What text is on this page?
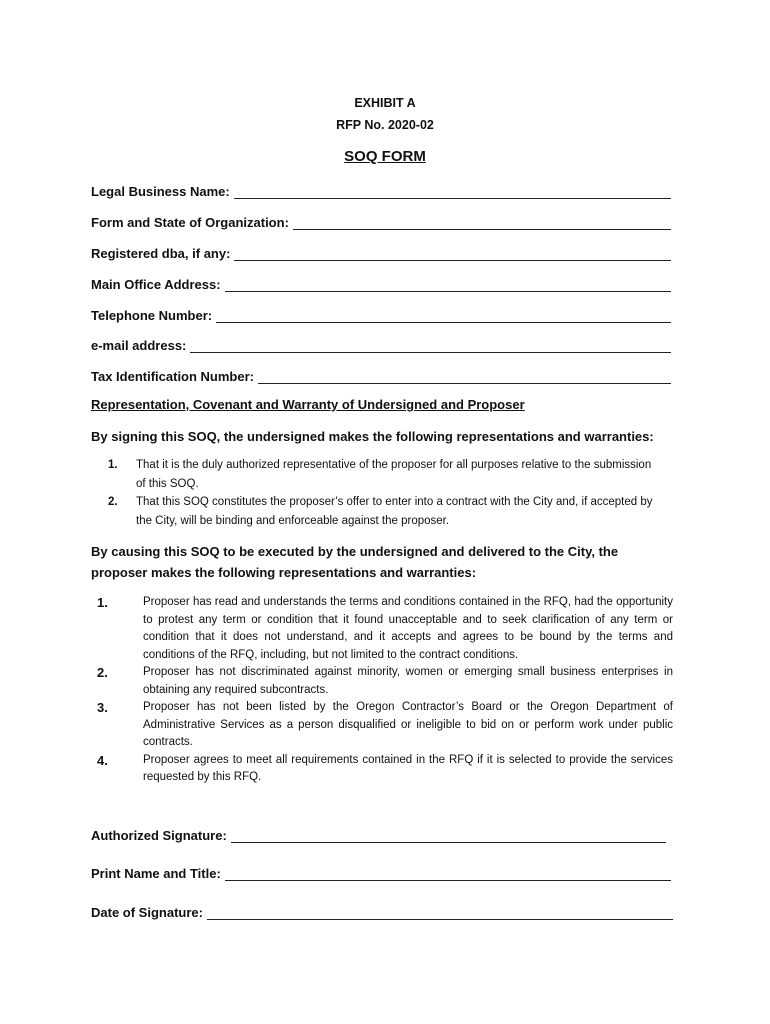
EXHIBIT A
RFP No. 2020-02
SOQ FORM
Legal Business Name:
Form and State of Organization:
Registered dba, if any:
Main Office Address:
Telephone Number:
e-mail address:
Tax Identification Number:
Representation, Covenant and Warranty of Undersigned and Proposer
By signing this SOQ, the undersigned makes the following representations and warranties:
1.	That it is the duly authorized representative of the proposer for all purposes relative to the submission of this SOQ.
2.	That this SOQ constitutes the proposer’s offer to enter into a contract with the City and, if accepted by the City, will be binding and enforceable against the proposer.
By causing this SOQ to be executed by the undersigned and delivered to the City, the proposer makes the following representations and warranties:
1.	Proposer has read and understands the terms and conditions contained in the RFQ, had the opportunity to protest any term or condition that it found unacceptable and to seek clarification of any term or condition that it does not understand, and it accepts and agrees to be bound by the terms and conditions of the RFQ, including, but not limited to the contract conditions.
2.	Proposer has not discriminated against minority, women or emerging small business enterprises in obtaining any required subcontracts.
3.	Proposer has not been listed by the Oregon Contractor’s Board or the Oregon Department of Administrative Services as a person disqualified or ineligible to bid on or perform work under public contracts.
4.	Proposer agrees to meet all requirements contained in the RFQ if it is selected to provide the services requested by this RFQ.
Authorized Signature:
Print Name and Title:
Date of Signature:
